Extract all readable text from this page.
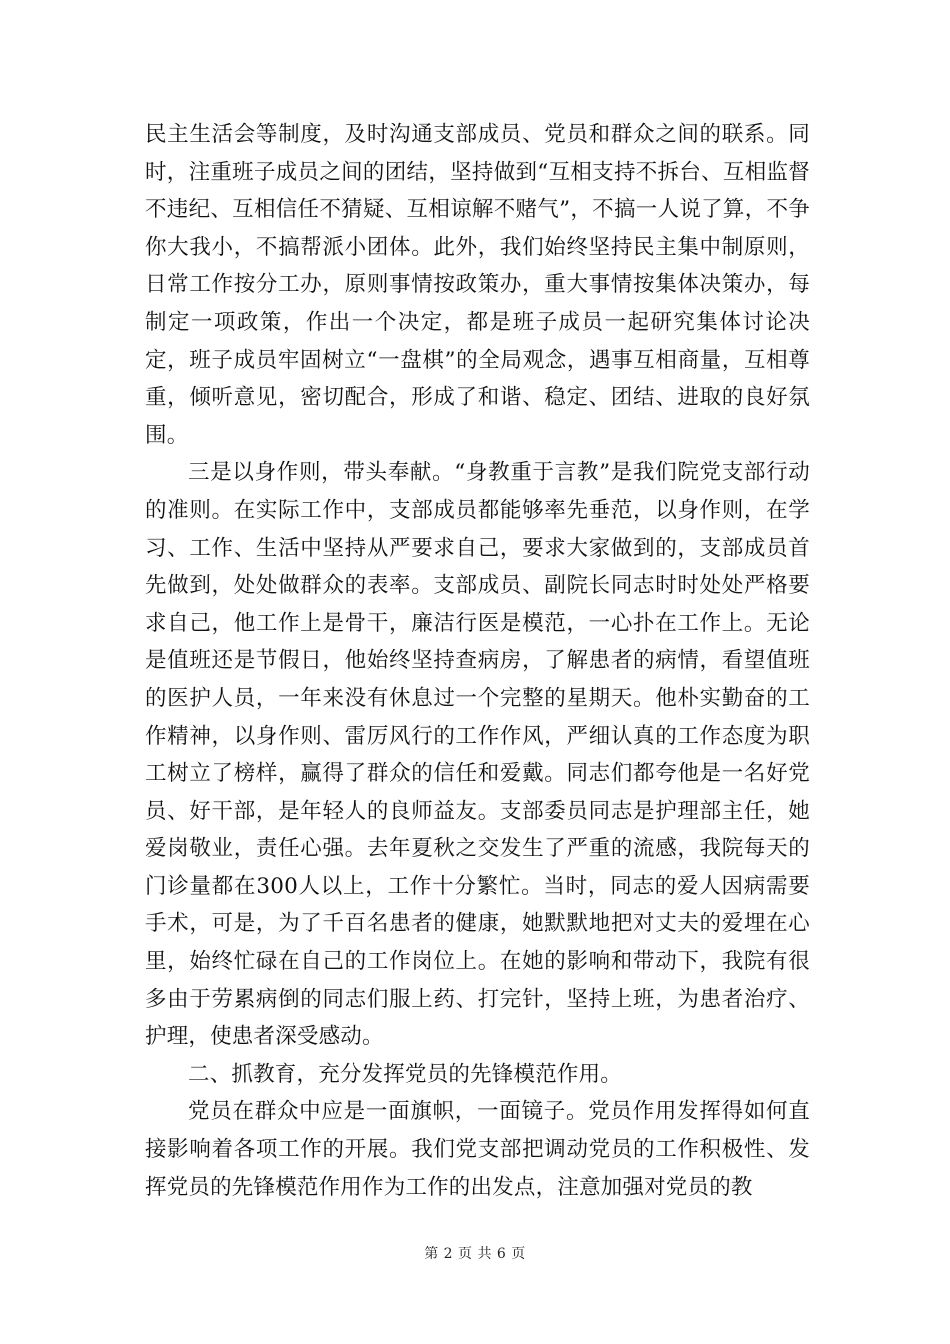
民主生活会等制度，及时沟通支部成员、党员和群众之间的联系。同时，注重班子成员之间的团结，坚持做到“互相支持不拆台、互相监督不违纪、互相信任不猜疑、互相谅解不赌气”，不搞一人说了算，不争你大我小，不搞帮派小团体。此外，我们始终坚持民主集中制原则，日常工作按分工办，原则事情按政策办，重大事情按集体决策办，每制定一项政策，作出一个决定，都是班子成员一起研究集体讨论决定，班子成员牢固树立“一盘棋”的全局观念，遇事互相商量，互相尊重，倾听意见，密切配合，形成了和谐、稳定、团结、进取的良好氛围。

三是以身作则，带头奉献。“身教重于言教”是我们院党支部行动的准则。在实际工作中，支部成员都能够率先垂范，以身作则，在学习、工作、生活中坚持从严要求自己，要求大家做到的，支部成员首先做到，处处做群众的表率。支部成员、副院长同志时时处处严格要求自己，他工作上是骨干，廉洁行医是模范，一心扑在工作上。无论是值班还是节假日，他始终坚持查病房，了解患者的病情，看望值班的医护人员，一年来没有休息过一个完整的星期天。他朴实勤奋的工作精神，以身作则、雷厉风行的工作作风，严细认真的工作态度为职工树立了榜样，赢得了群众的信任和爱戴。同志们都夸他是一名好党员、好干部，是年轻人的良师益友。支部委员同志是护理部主任，她爱岗敬业，责任心强。去年夏秋之交发生了严重的流感，我院每天的门诊量都在300人以上，工作十分繁忙。当时，同志的爱人因病需要手术，可是，为了千百名患者的健康，她默默地把对丈夫的爱埋在心里，始终忙碌在自己的工作岗位上。在她的影响和带动下，我院有很多由于劳累病倒的同志们服上药、打完针，坚持上班，为患者治疗、护理，使患者深受感动。

二、抓教育，充分发挥党员的先锋模范作用。

党员在群众中应是一面旗帜，一面镜子。党员作用发挥得如何直接影响着各项工作的开展。我们党支部把调动党员的工作积极性、发挥党员的先锋模范作用作为工作的出发点，注意加强对党员的教

第 2 页 共 6 页
